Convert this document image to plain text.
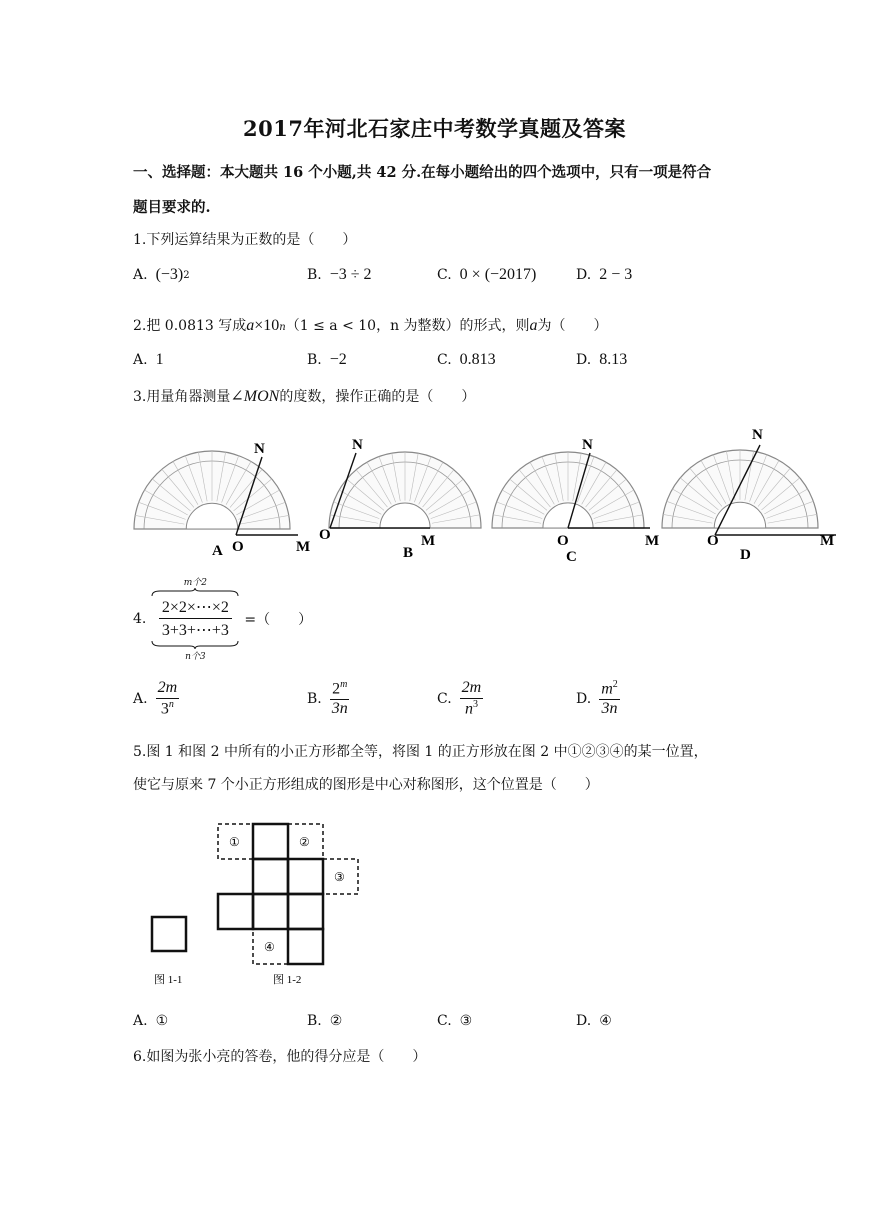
2017年河北石家庄中考数学真题及答案
一、选择题：本大题共 16 个小题,共 42 分.在每小题给出的四个选项中，只有一项是符合
题目要求的.
1.下列运算结果为正数的是（　　）
A. (−3) 2	B. −3 ÷ 2	C. 0 × (−2017)	D. 2 − 3
2.把 0.0813 写成 a ×10 n （1 ≤ a < 10，n 为整数）的形式，则 a 为（　　）
A. 1	B. −2	C. 0.813	D. 8.13
3.用量角器测量 ∠MON 的度数，操作正确的是（　　）
O	M
N
A
O	M
N
B
O	M
N
C
O	M
N
D
4.
m个2
2×2×⋯×2
3+3+⋯+3
n个3
=（　　）
A. $\frac{2m}{3^n}$	B. $\frac{2^m}{3n}$	C. $\frac{2m}{n^3}$	D. $\frac{m^2}{3n}$
5.图 1 和图 2 中所有的小正方形都全等，将图 1 的正方形放在图 2 中①②③④的某一位置，
使它与原来 7 个小正方形组成的图形是中心对称图形，这个位置是（　　）
图 1-1
①	②
③
④
图 1-2
A. ①	B. ②	C. ③	D. ④
6.如图为张小亮的答卷，他的得分应是（　　）
